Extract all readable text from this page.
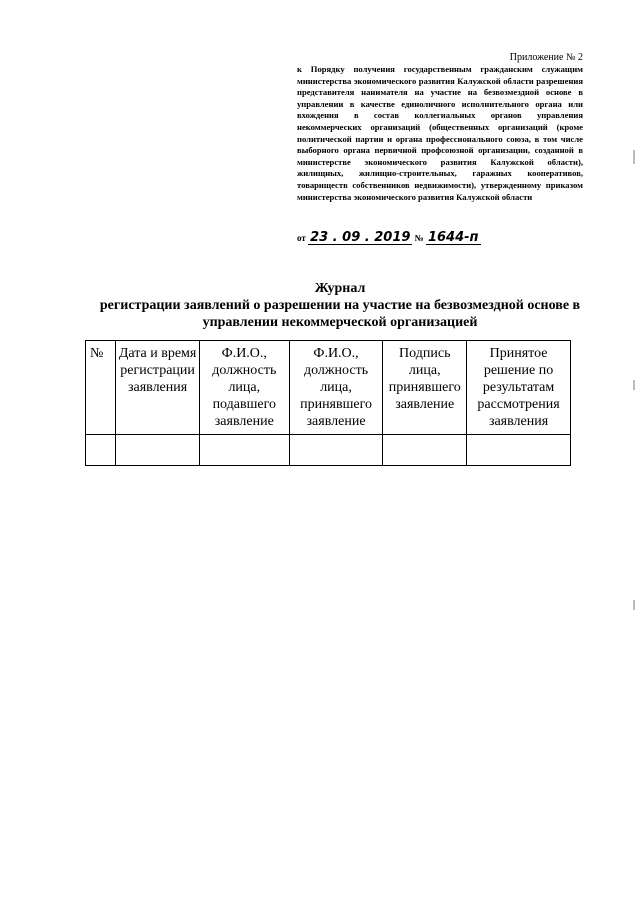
Приложение № 2
к Порядку получения государственным гражданским служащим министерства экономического развития Калужской области разрешения представителя нанимателя на участие на безвозмездной основе в управлении в качестве единоличного исполнительного органа или вхождения в состав коллегиальных органов управления некоммерческих организаций (общественных организаций (кроме политической партии и органа профессионального союза, в том числе выборного органа первичной профсоюзной организации, созданной в министерстве экономического развития Калужской области), жилищных, жилищно-строительных, гаражных кооперативов, товариществ собственников недвижимости), утвержденному приказом министерства экономического развития Калужской области
от 23 . 09 . 2019 № 1644-п
Журнал
регистрации заявлений о разрешении на участие на безвозмездной основе в
управлении некоммерческой организацией
№	Дата и время регистрации заявления	Ф.И.О., должность лица, подавшего заявление	Ф.И.О., должность лица, принявшего заявление	Подпись лица, принявшего заявление	Принятое решение по результатам рассмотрения заявления
